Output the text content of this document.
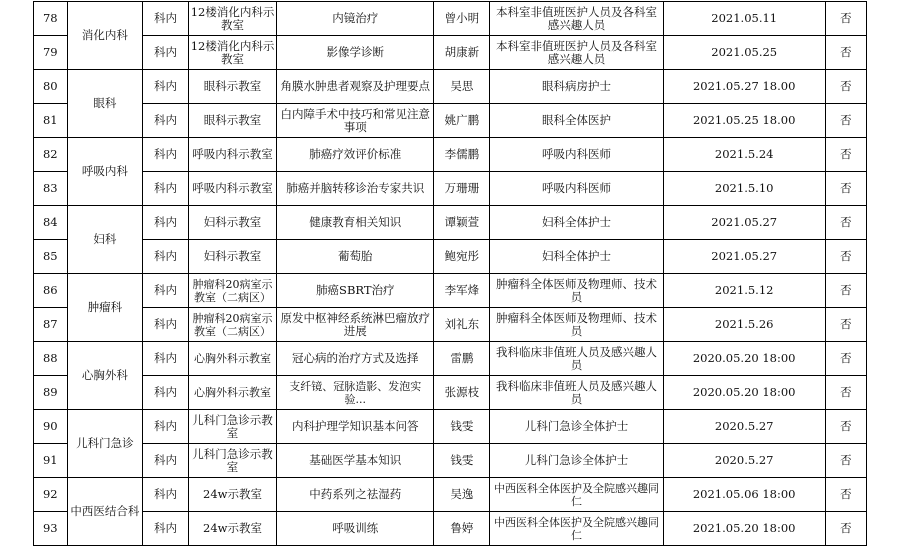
78	消化内科	科内	12楼消化内科示教室	内镜治疗	曾小明	本科室非值班医护人员及各科室感兴趣人员	2021.05.11	否
79		科内	12楼消化内科示教室	影像学诊断	胡康新	本科室非值班医护人员及各科室感兴趣人员	2021.05.25	否
80	眼科	科内	眼科示教室	角膜水肿患者观察及护理要点	吴思	眼科病房护士	2021.05.27 18.00	否
81		科内	眼科示教室	白内障手术中技巧和常见注意事项	姚广鹏	眼科全体医护	2021.05.25 18.00	否
82	呼吸内科	科内	呼吸内科示教室	肺癌疗效评价标准	李儒鹏	呼吸内科医师	2021.5.24	否
83		科内	呼吸内科示教室	肺癌并脑转移诊治专家共识	万珊珊	呼吸内科医师	2021.5.10	否
84	妇科	科内	妇科示教室	健康教育相关知识	谭颖萱	妇科全体护士	2021.05.27	否
85		科内	妇科示教室	葡萄胎	鲍宛彤	妇科全体护士	2021.05.27	否
86	肿瘤科	科内	肿瘤科20病室示教室（二病区）	肺癌SBRT治疗	李军烽	肿瘤科全体医师及物理师、技术员	2021.5.12	否
87		科内	肿瘤科20病室示教室（二病区）	原发中枢神经系统淋巴瘤放疗进展	刘礼东	肿瘤科全体医师及物理师、技术员	2021.5.26	否
88	心胸外科	科内	心胸外科示教室	冠心病的治疗方式及选择	雷鹏	我科临床非值班人员及感兴趣人员	2020.05.20 18:00	否
89		科内	心胸外科示教室	支纤镜、冠脉造影、发泡实验...	张源枝	我科临床非值班人员及感兴趣人员	2020.05.20 18:00	否
90	儿科门急诊	科内	儿科门急诊示教室	内科护理学知识基本问答	钱雯	儿科门急诊全体护士	2020.5.27	否
91		科内	儿科门急诊示教室	基础医学基本知识	钱雯	儿科门急诊全体护士	2020.5.27	否
92	中西医结合科	科内	24w示教室	中药系列之祛湿药	吴逸	中西医科全体医护及全院感兴趣同仁	2021.05.06 18:00	否
93		科内	24w示教室	呼吸训练	鲁婷	中西医科全体医护及全院感兴趣同仁	2021.05.20 18:00	否
